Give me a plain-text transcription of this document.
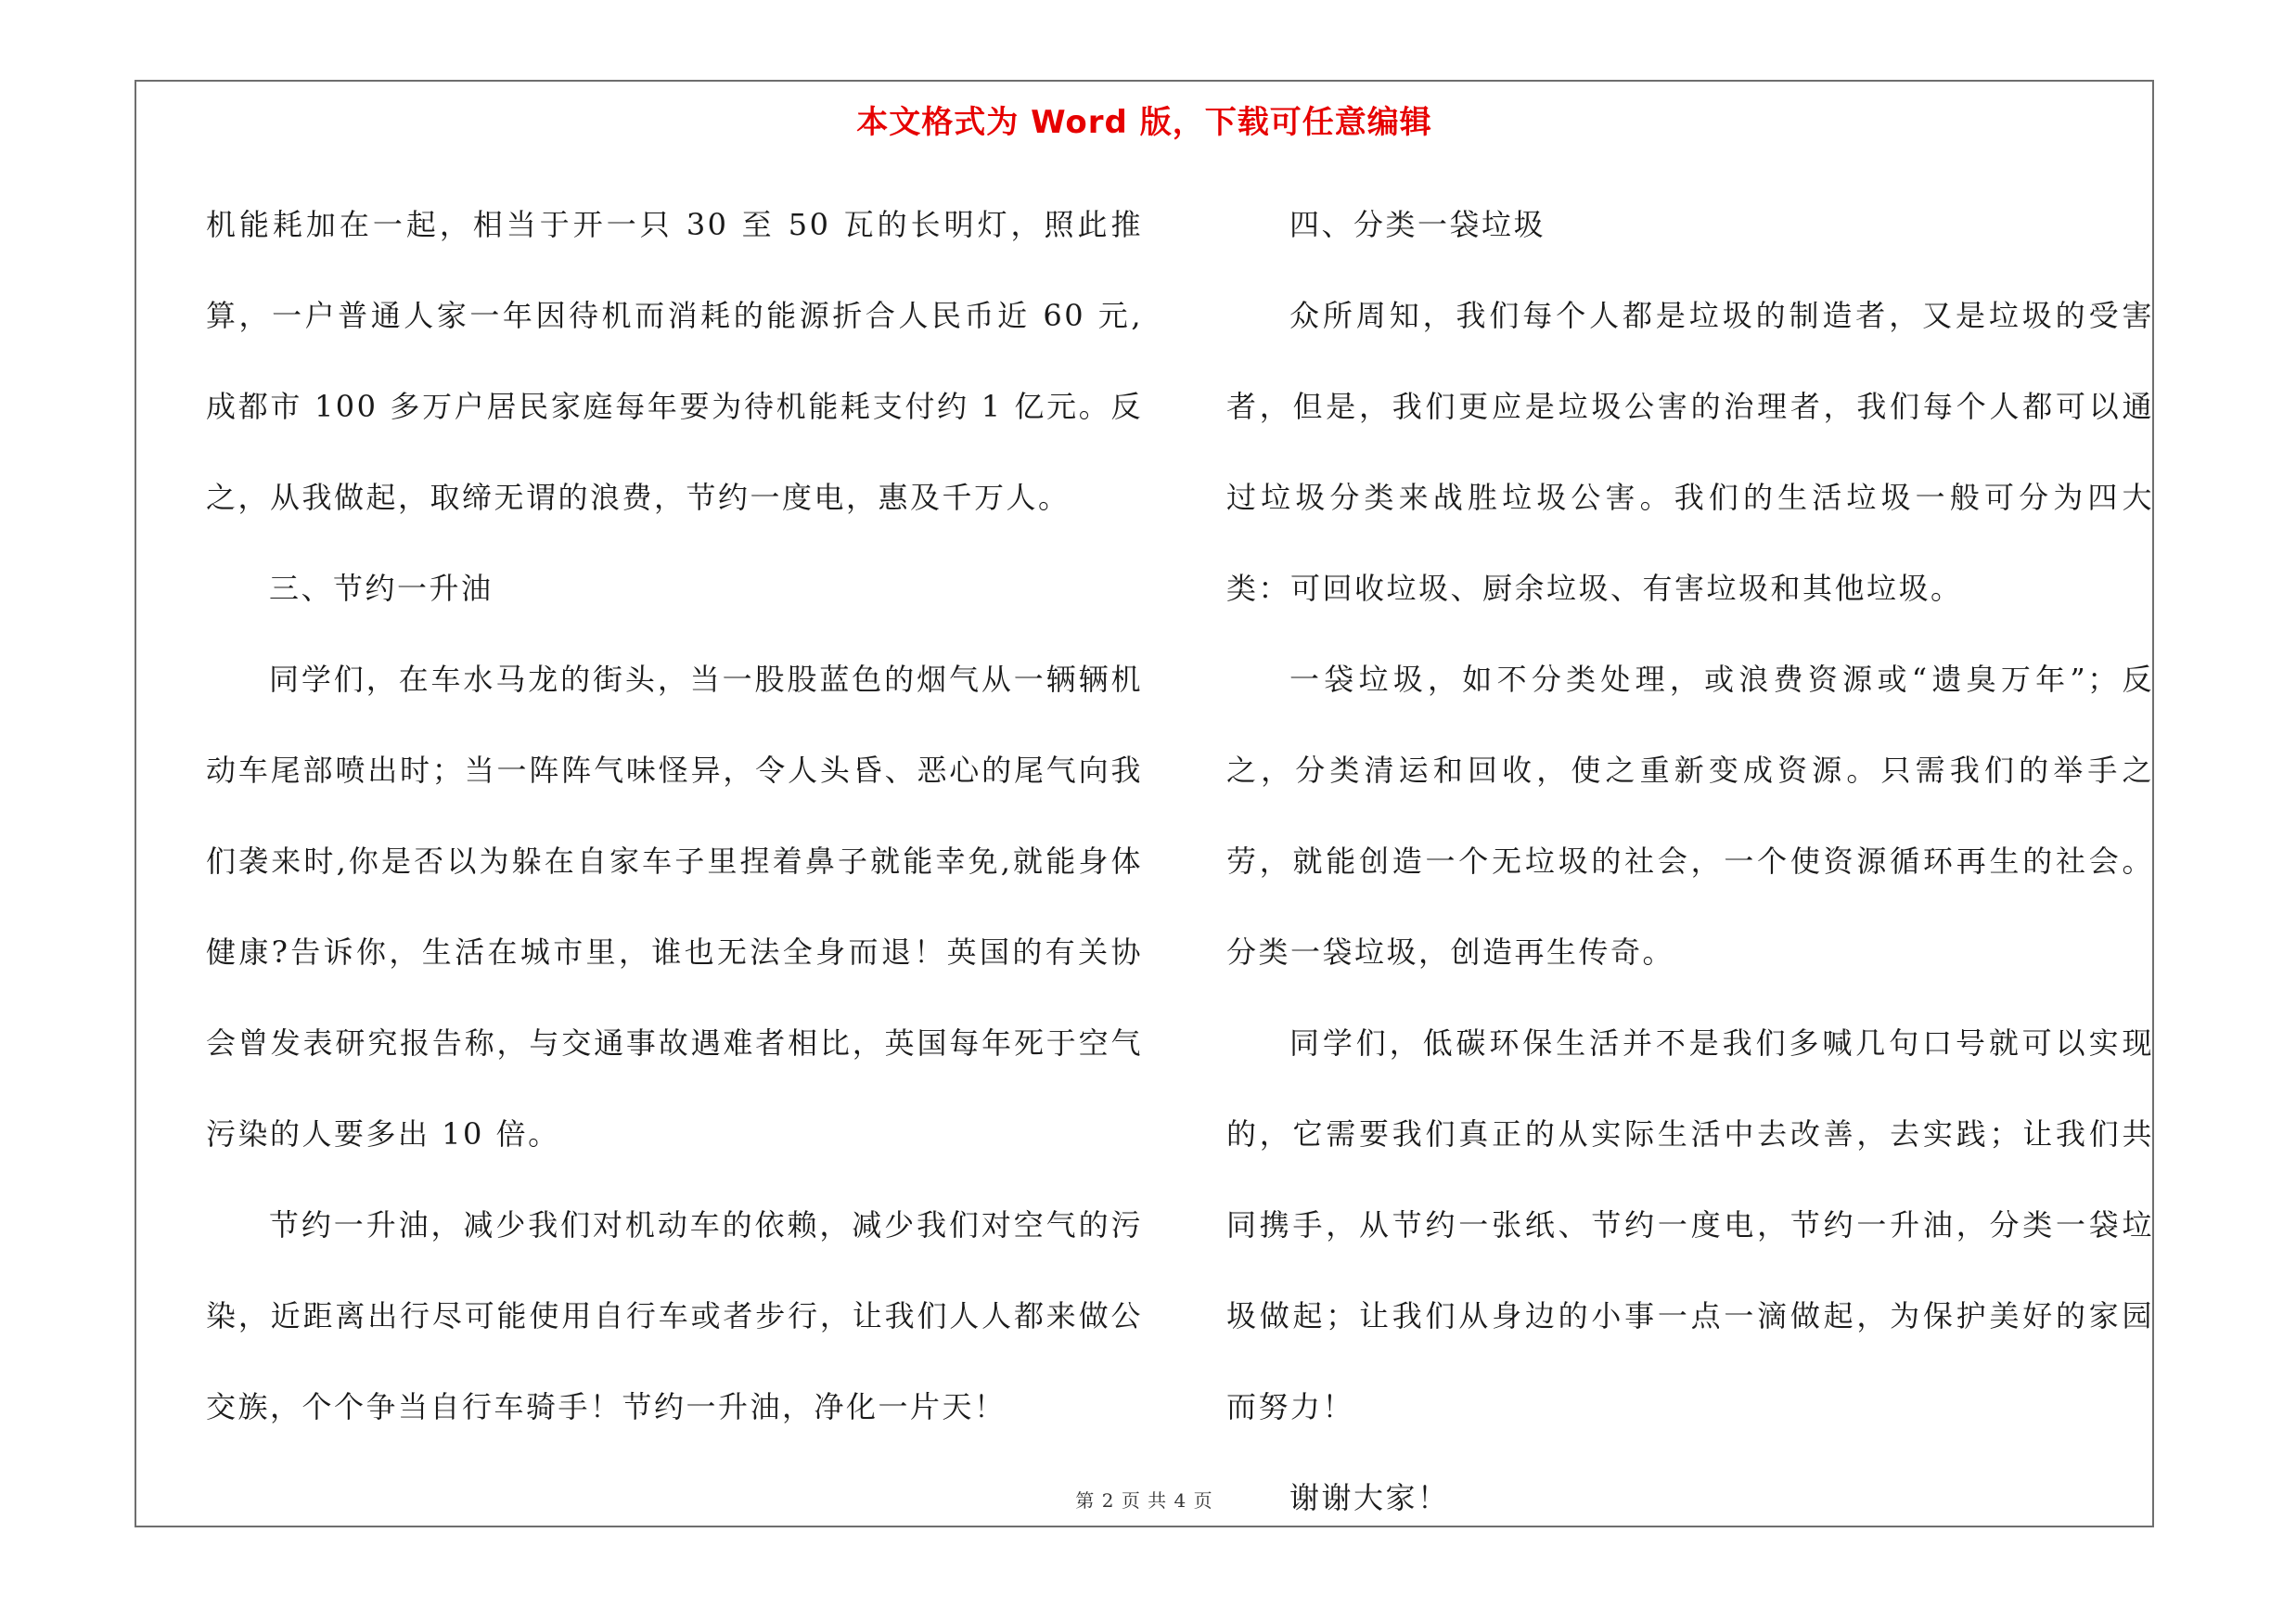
本文格式为 Word 版，下载可任意编辑

机能耗加在一起，相当于开一只 30 至 50 瓦的长明灯，照此推算，一户普通人家一年因待机而消耗的能源折合人民币近 60 元,成都市 100 多万户居民家庭每年要为待机能耗支付约 1 亿元。反之，从我做起，取缔无谓的浪费，节约一度电，惠及千万人。

三、节约一升油

同学们，在车水马龙的街头，当一股股蓝色的烟气从一辆辆机动车尾部喷出时；当一阵阵气味怪异，令人头昏、恶心的尾气向我们袭来时,你是否以为躲在自家车子里捏着鼻子就能幸免,就能身体健康?告诉你，生活在城市里，谁也无法全身而退！英国的有关协会曾发表研究报告称，与交通事故遇难者相比，英国每年死于空气污染的人要多出 10 倍。

节约一升油，减少我们对机动车的依赖，减少我们对空气的污染，近距离出行尽可能使用自行车或者步行，让我们人人都来做公交族，个个争当自行车骑手！节约一升油，净化一片天！

四、分类一袋垃圾

众所周知，我们每个人都是垃圾的制造者，又是垃圾的受害者，但是，我们更应是垃圾公害的治理者，我们每个人都可以通过垃圾分类来战胜垃圾公害。我们的生活垃圾一般可分为四大类：可回收垃圾、厨余垃圾、有害垃圾和其他垃圾。

一袋垃圾，如不分类处理，或浪费资源或“遗臭万年”；反之，分类清运和回收，使之重新变成资源。只需我们的举手之劳，就能创造一个无垃圾的社会，一个使资源循环再生的社会。分类一袋垃圾，创造再生传奇。

同学们，低碳环保生活并不是我们多喊几句口号就可以实现的，它需要我们真正的从实际生活中去改善，去实践；让我们共同携手，从节约一张纸、节约一度电，节约一升油，分类一袋垃圾做起；让我们从身边的小事一点一滴做起，为保护美好的家园而努力！

谢谢大家！

第 2 页 共 4 页
